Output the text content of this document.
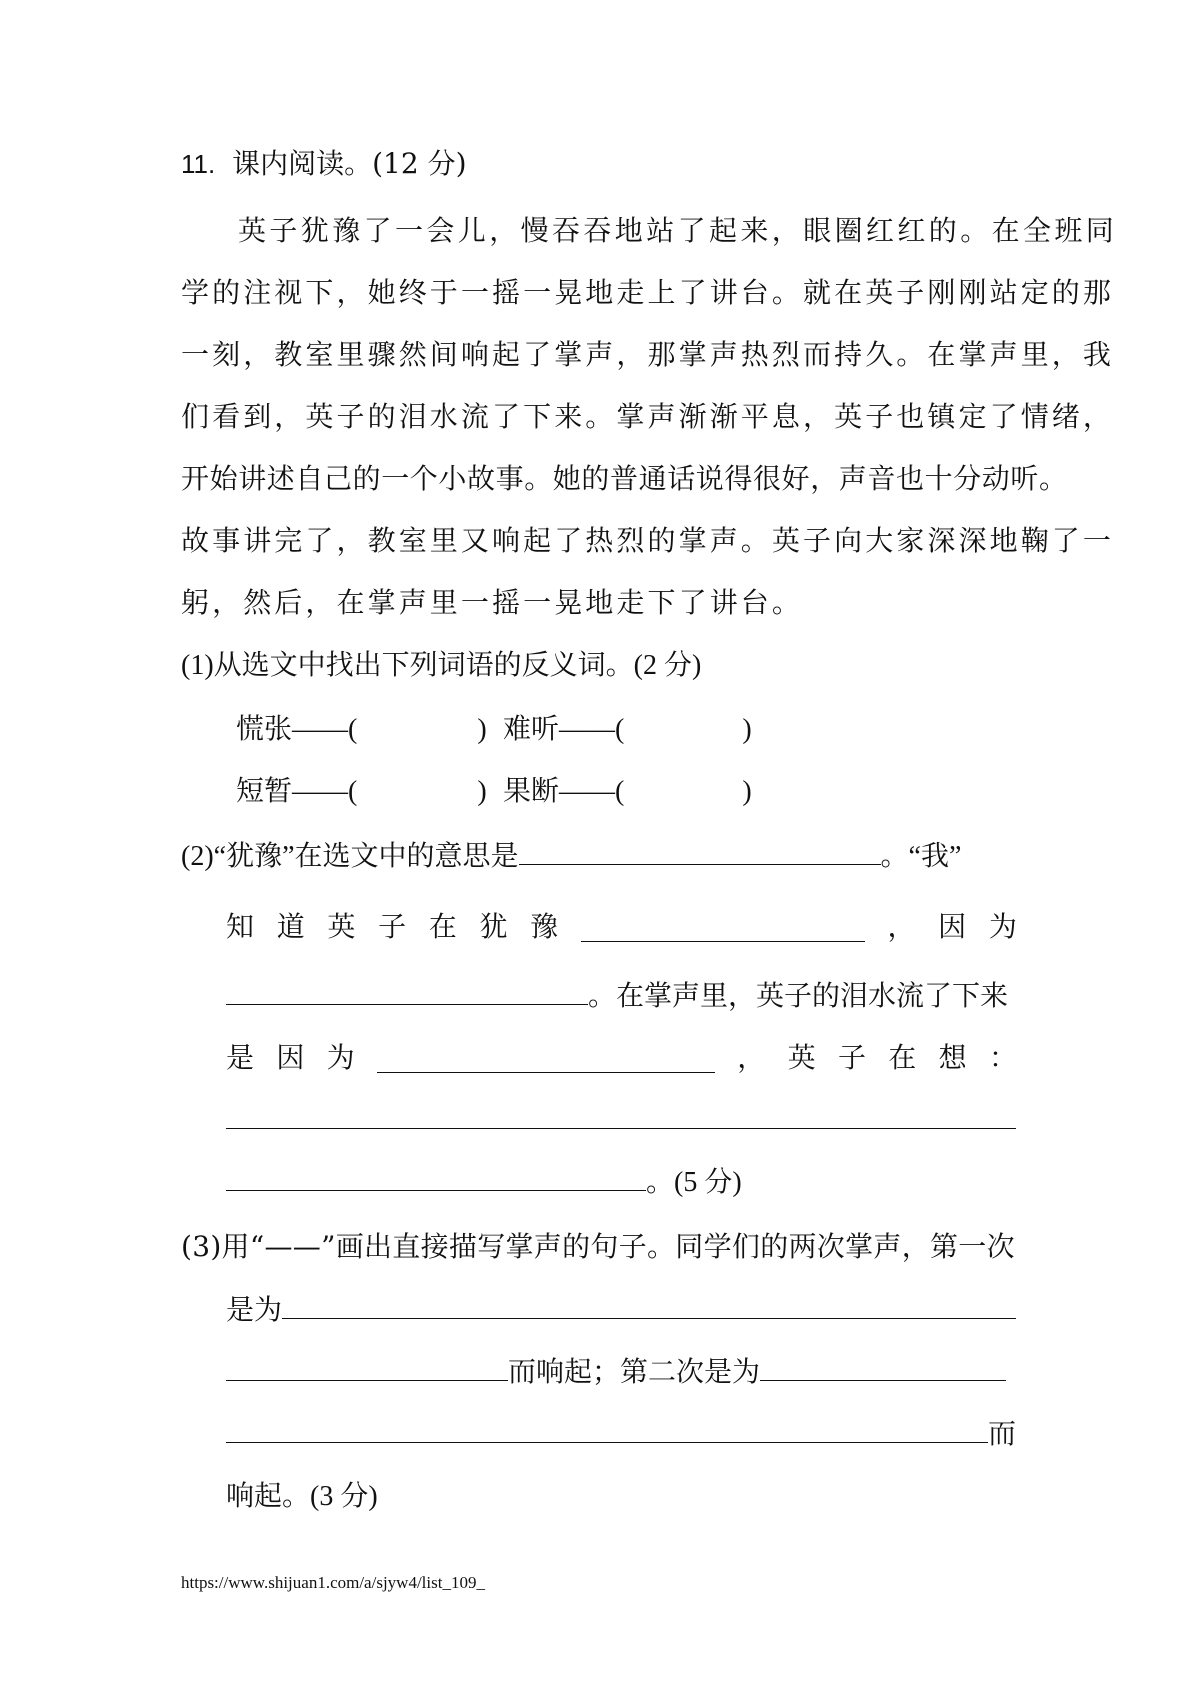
11. 课内阅读。(12 分)
英子犹豫了一会儿，慢吞吞地站了起来，眼圈红红的。在全班同
学的注视下，她终于一摇一晃地走上了讲台。就在英子刚刚站定的那
一刻，教室里骤然间响起了掌声，那掌声热烈而持久。在掌声里，我
们看到，英子的泪水流了下来。掌声渐渐平息，英子也镇定了情绪，
开始讲述自己的一个小故事。她的普通话说得很好，声音也十分动听。
故事讲完了，教室里又响起了热烈的掌声。英子向大家深深地鞠了一
躬，然后，在掌声里一摇一晃地走下了讲台。
(1)从选文中找出下列词语的反义词。(2 分)
慌张——(	) 难听——(	)
短暂——(	) 果断——(	)
(2)“犹豫”在选文中的意思是	。“我”
知 道 英 子 在 犹 豫	， 因 为
。在掌声里，英子的泪水流了下来
是 因 为	， 英 子 在 想 ：
。(5 分)
(3)用“——”画出直接描写掌声的句子。同学们的两次掌声，第一次
是为
而响起；第二次是为
而
响起。(3 分)
https://www.shijuan1.com/a/sjyw4/list_109_
